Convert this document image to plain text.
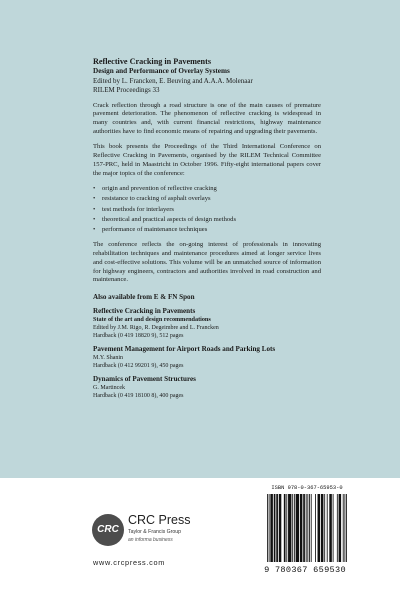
Reflective Cracking in Pavements
Design and Performance of Overlay Systems
Edited by L. Francken, E. Beuving and A.A.A. Molenaar
RILEM Proceedings 33

Crack reflection through a road structure is one of the main causes of premature pavement deterioration. The phenomenon of reflective cracking is widespread in many countries and, with current financial restrictions, highway maintenance authorities have to find economic means of repairing and upgrading their pavements.

This book presents the Proceedings of the Third International Conference on Reflective Cracking in Pavements, organised by the RILEM Technical Committee 157-PRC, held in Maastricht in October 1996. Fifty-eight international papers cover the major topics of the conference:

• origin and prevention of reflective cracking
• resistance to cracking of asphalt overlays
• test methods for interlayers
• theoretical and practical aspects of design methods
• performance of maintenance techniques

The conference reflects the on-going interest of professionals in innovating rehabilitation techniques and maintenance procedures aimed at longer service lives and cost-effective solutions. This volume will be an unmatched source of information for highway engineers, contractors and authorities involved in road construction and maintenance.

Also available from E & FN Spon
Reflective Cracking in Pavements
State of the art and design recommendations
Edited by J.M. Rigo, R. Degeimbre and L. Francken
Hardback (0 419 18820 9), 512 pages
Pavement Management for Airport Roads and Parking Lots
M.Y. Shanin
Hardback (0 412 99201 9), 450 pages
Dynamics of Pavement Structures
G. Martincek
Hardback (0 419 18100 8), 400 pages
CRC
CRC Press
Taylor & Francis Group
an informa business
www.crcpress.com
ISBN 978-0-367-65953-0
9 780367 659530
